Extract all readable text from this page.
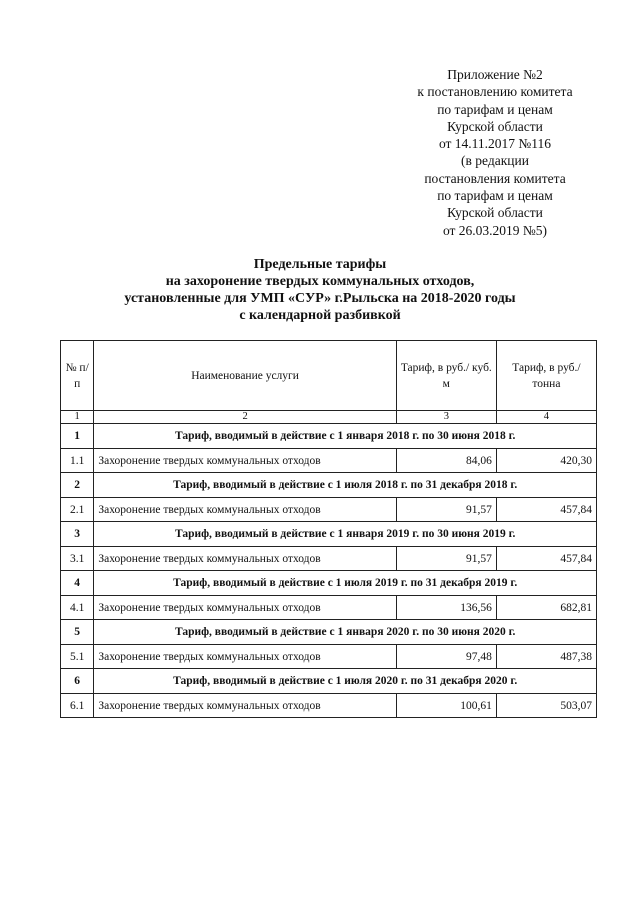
Приложение №2
к постановлению комитета
по тарифам и ценам
Курской области
от 14.11.2017 №116
(в редакции
постановления комитета
по тарифам и ценам
Курской области
от 26.03.2019 №5)
Предельные тарифы
на захоронение твердых коммунальных отходов,
установленные для УМП «СУР» г.Рыльска на 2018-2020 годы
с календарной разбивкой
№ п/п	Наименование услуги	Тариф, в руб./ куб. м	Тариф, в руб./тонна
1	2	3	4
1	Тариф, вводимый в действие с 1 января 2018 г. по 30 июня 2018 г.		
1.1	Захоронение твердых коммунальных отходов	84,06	420,30
2	Тариф, вводимый в действие с 1 июля 2018 г. по 31 декабря 2018 г.		
2.1	Захоронение твердых коммунальных отходов	91,57	457,84
3	Тариф, вводимый в действие с 1 января 2019 г. по 30 июня 2019 г.		
3.1	Захоронение твердых коммунальных отходов	91,57	457,84
4	Тариф, вводимый в действие с 1 июля 2019 г. по 31 декабря 2019 г.		
4.1	Захоронение твердых коммунальных отходов	136,56	682,81
5	Тариф, вводимый в действие с 1 января 2020 г. по 30 июня 2020 г.		
5.1	Захоронение твердых коммунальных отходов	97,48	487,38
6	Тариф, вводимый в действие с 1 июля 2020 г. по 31 декабря 2020 г.		
6.1	Захоронение твердых коммунальных отходов	100,61	503,07
